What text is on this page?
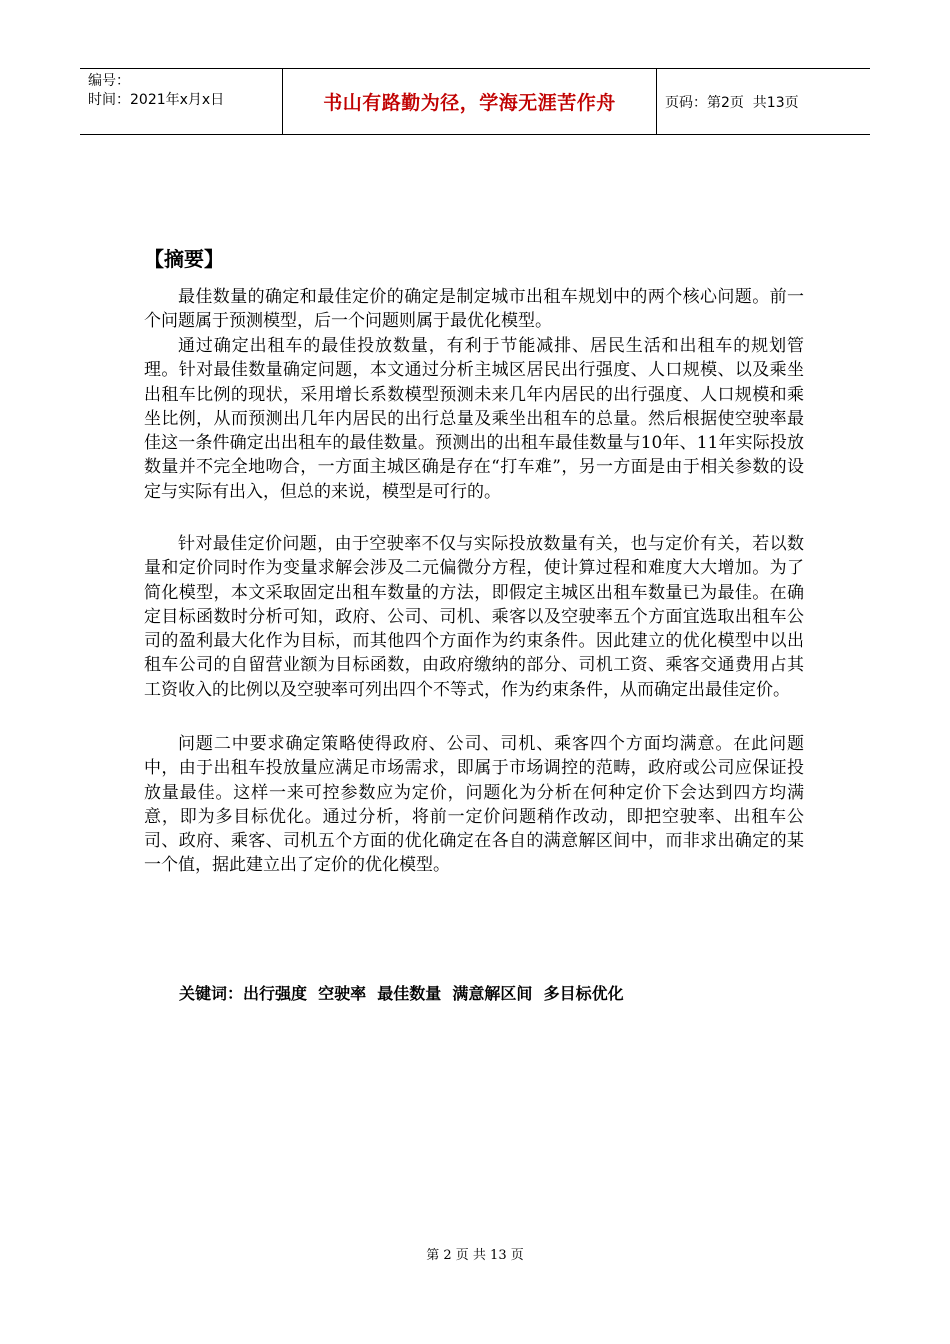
编号：
时间：2021年x月x日	书山有路勤为径，学海无涯苦作舟	页码：第2页  共13页
【摘要】

最佳数量的确定和最佳定价的确定是制定城市出租车规划中的两个核心问题。前一个问题属于预测模型，后一个问题则属于最优化模型。

通过确定出租车的最佳投放数量，有利于节能减排、居民生活和出租车的规划管理。针对最佳数量确定问题，本文通过分析主城区居民出行强度、人口规模、以及乘坐出租车比例的现状，采用增长系数模型预测未来几年内居民的出行强度、人口规模和乘坐比例，从而预测出几年内居民的出行总量及乘坐出租车的总量。然后根据使空驶率最佳这一条件确定出出租车的最佳数量。预测出的出租车最佳数量与10年、11年实际投放数量并不完全地吻合，一方面主城区确是存在“打车难”，另一方面是由于相关参数的设定与实际有出入，但总的来说，模型是可行的。

针对最佳定价问题，由于空驶率不仅与实际投放数量有关，也与定价有关，若以数量和定价同时作为变量求解会涉及二元偏微分方程，使计算过程和难度大大增加。为了简化模型，本文采取固定出租车数量的方法，即假定主城区出租车数量已为最佳。在确定目标函数时分析可知，政府、公司、司机、乘客以及空驶率五个方面宜选取出租车公司的盈利最大化作为目标，而其他四个方面作为约束条件。因此建立的优化模型中以出租车公司的自留营业额为目标函数，由政府缴纳的部分、司机工资、乘客交通费用占其工资收入的比例以及空驶率可列出四个不等式，作为约束条件，从而确定出最佳定价。

问题二中要求确定策略使得政府、公司、司机、乘客四个方面均满意。在此问题中，由于出租车投放量应满足市场需求，即属于市场调控的范畴，政府或公司应保证投放量最佳。这样一来可控参数应为定价，问题化为分析在何种定价下会达到四方均满意，即为多目标优化。通过分析，将前一定价问题稍作改动，即把空驶率、出租车公司、政府、乘客、司机五个方面的优化确定在各自的满意解区间中，而非求出确定的某一个值，据此建立出了定价的优化模型。

关键词：出行强度  空驶率  最佳数量  满意解区间  多目标优化
第 2 页 共 13 页
